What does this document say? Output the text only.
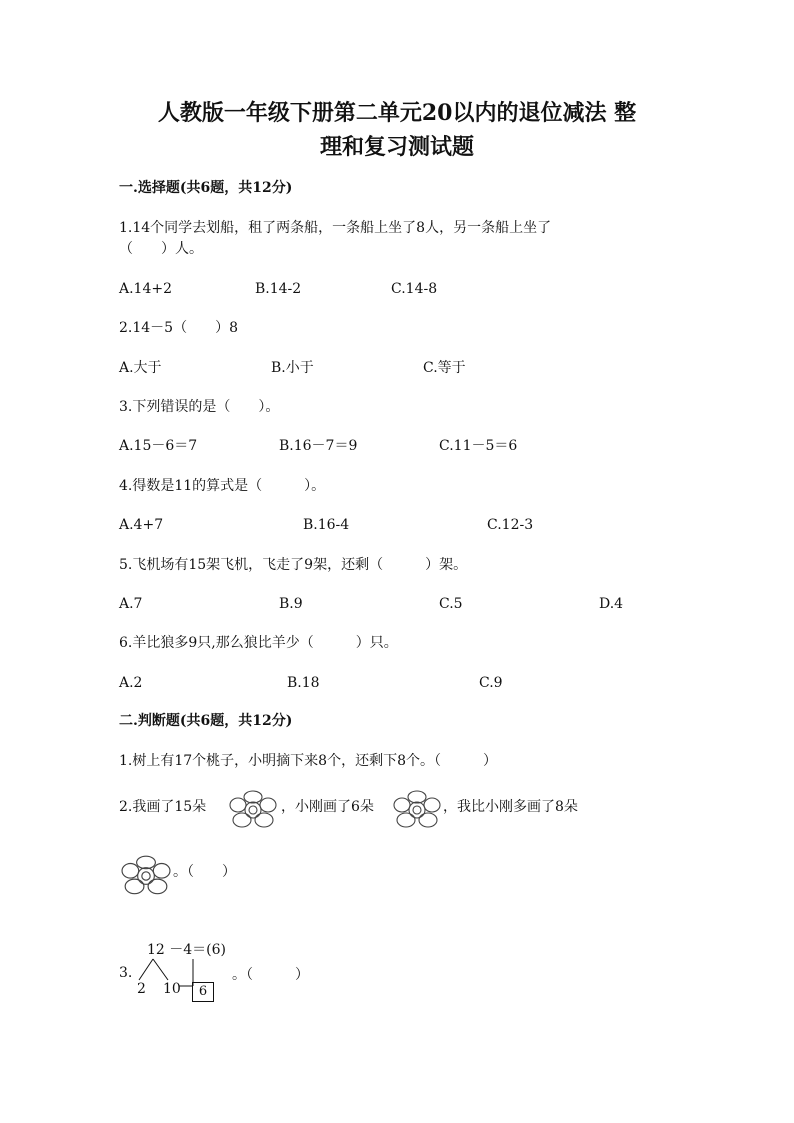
人教版一年级下册第二单元20以内的退位减法 整
理和复习测试题
一.选择题(共6题，共12分)
1.14个同学去划船，租了两条船，一条船上坐了8人，另一条船上坐了
（　　）人。
A.14+2	B.14-2	C.14-8
2.14－5（　　）8
A.大于	B.小于	C.等于
3.下列错误的是（　　）。
A.15－6＝7	B.16－7＝9	C.11－5＝6
4.得数是11的算式是（　　　）。
A.4+7	B.16-4	C.12-3
5.飞机场有15架飞机，飞走了9架，还剩（　　　）架。
A.7	B.9	C.5	D.4
6.羊比狼多9只,那么狼比羊少（　　　）只。
A.2	B.18	C.9
二.判断题(共6题，共12分)
1.树上有17个桃子，小明摘下来8个，还剩下8个。（　　　）
2.我画了15朵	，小刚画了6朵	，我比小刚多画了8朵
。（　　）
3.
12 －4＝(6)
2 10	6
。（　　　）
